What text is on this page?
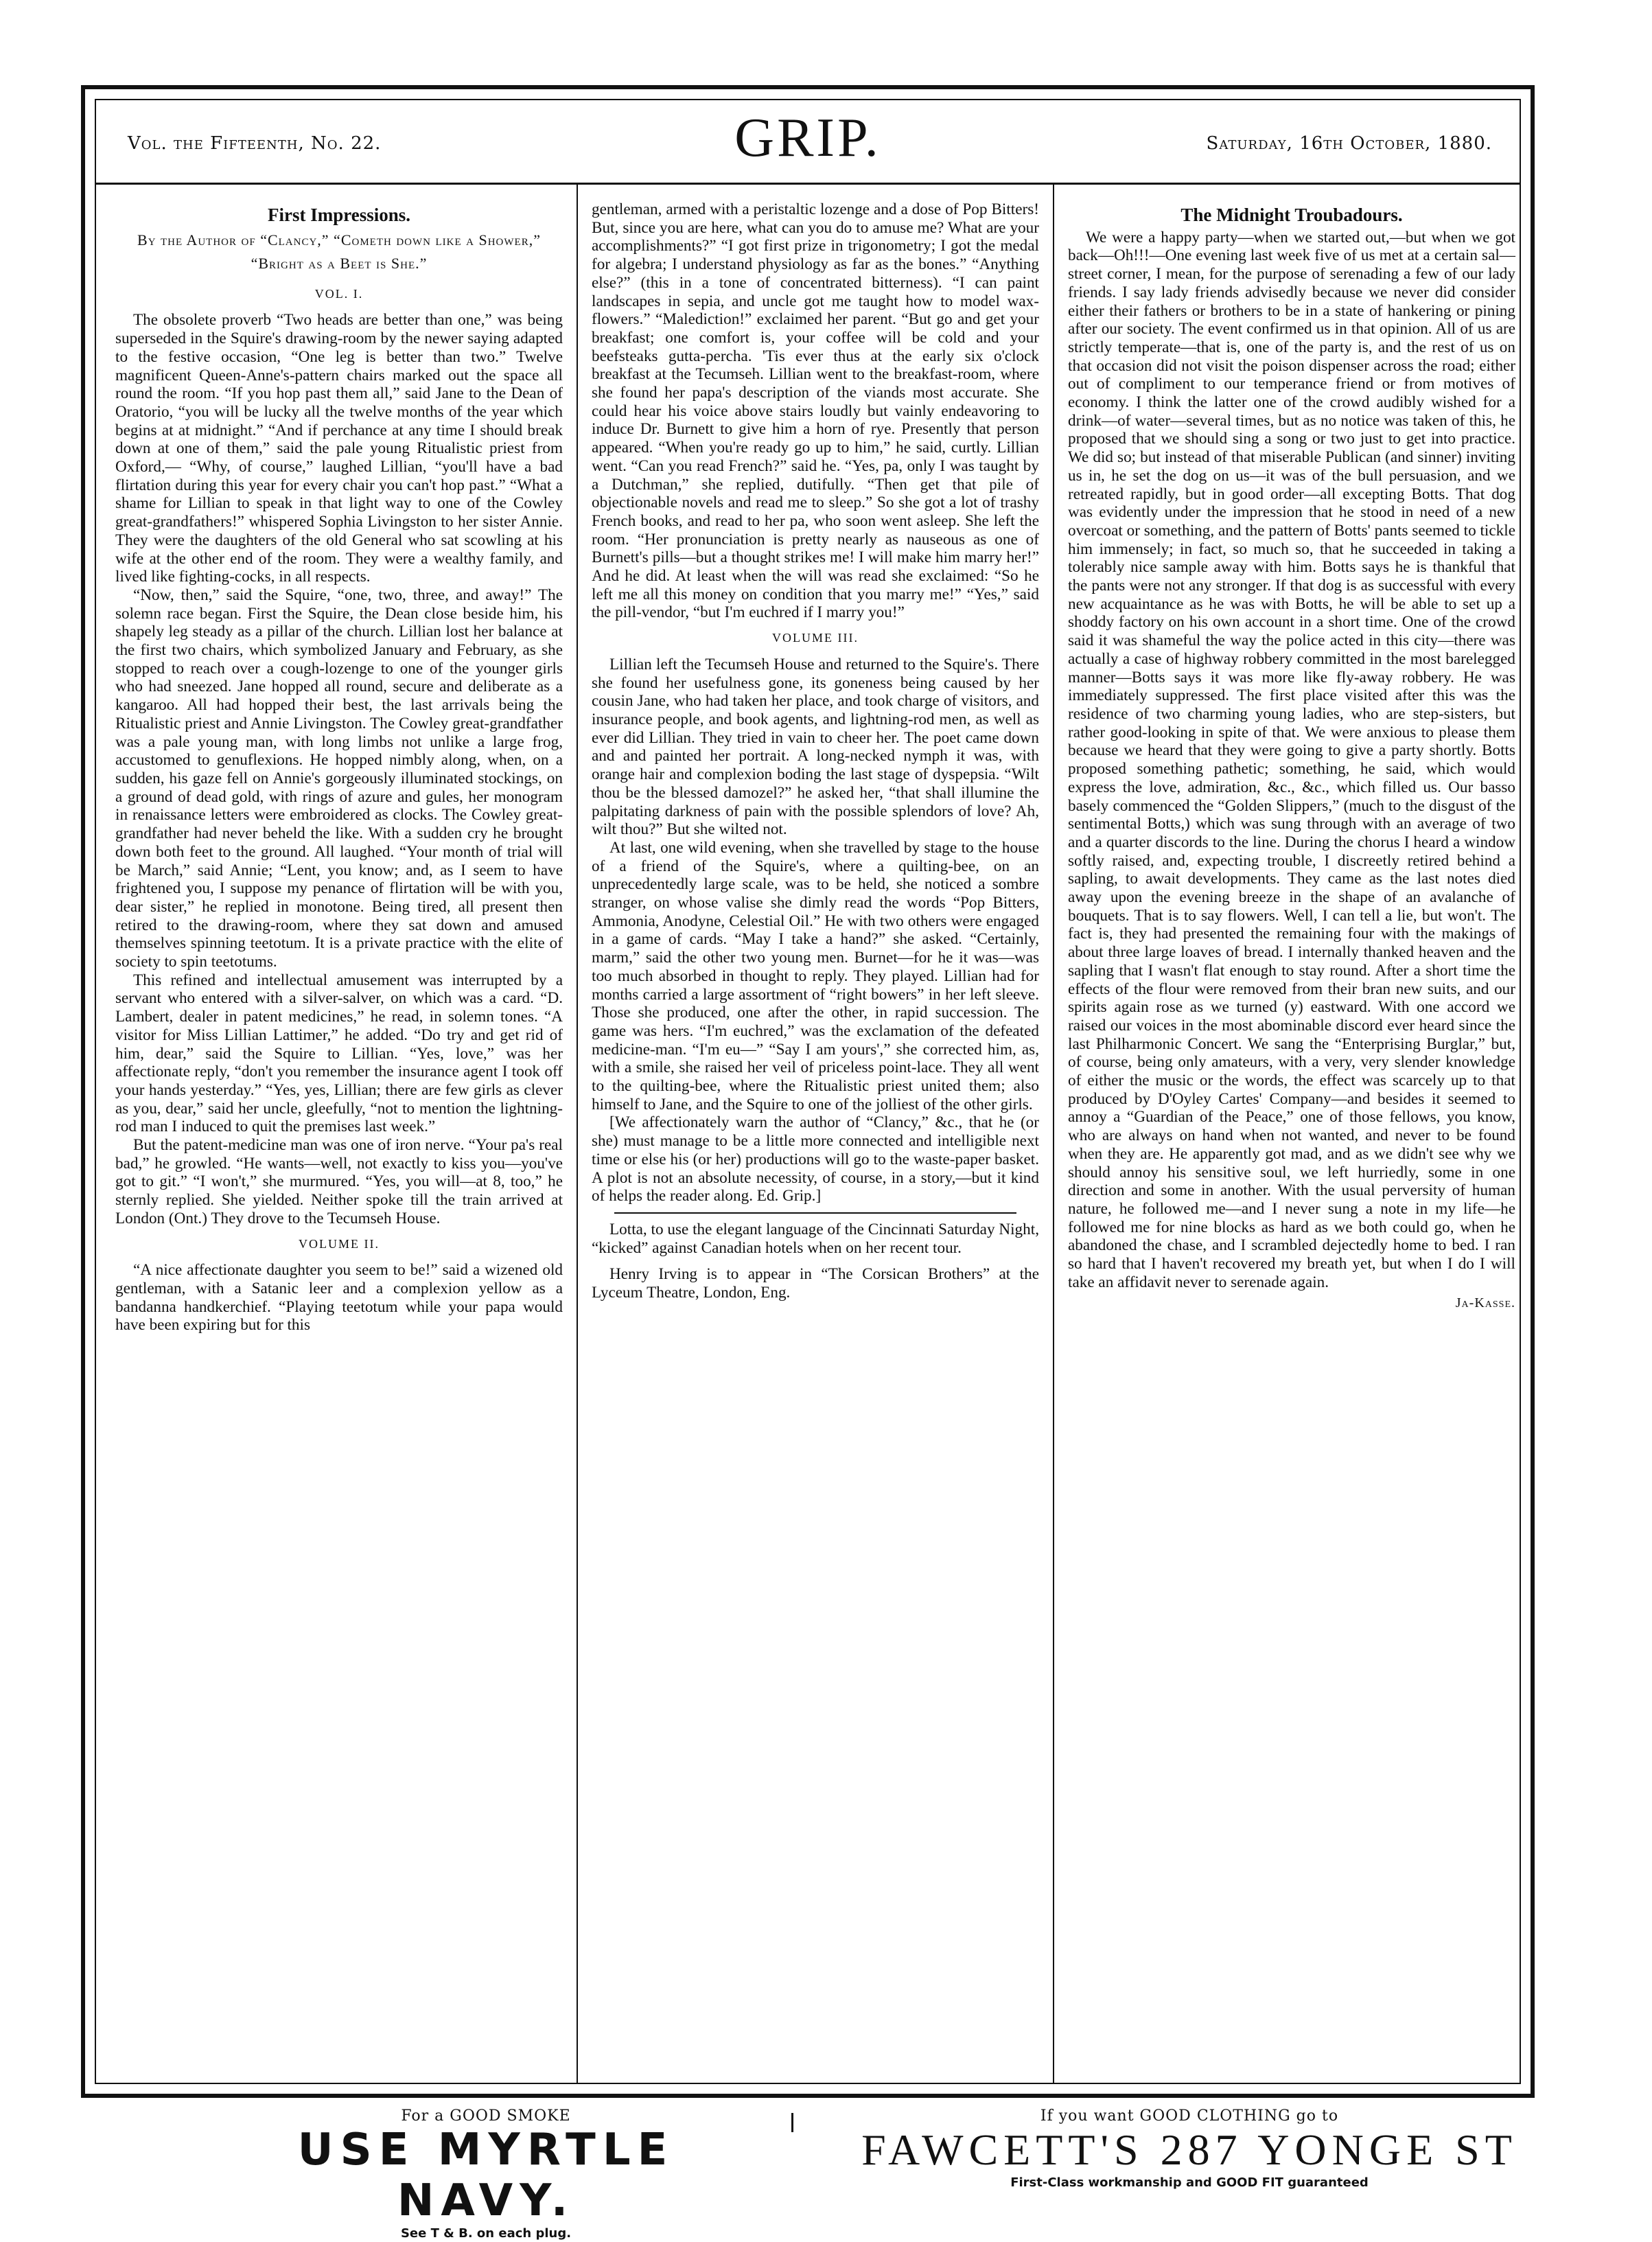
Vol. the Fifteenth, No. 22.	GRIP.	Saturday, 16th October, 1880.
First Impressions.
By the Author of “Clancy,” “Cometh down like a Shower,” “Bright as a Beet is She.”
VOL. I.

The obsolete proverb “Two heads are better than one,” was being superseded in the Squire's drawing-room by the newer saying adapted to the festive occasion, “One leg is better than two.” Twelve magnificent Queen-Anne's-pattern chairs marked out the space all round the room. “If you hop past them all,” said Jane to the Dean of Oratorio, “you will be lucky all the twelve months of the year which begins at at midnight.” “And if perchance at any time I should break down at one of them,” said the pale young Ritualistic priest from Oxford,— “Why, of course,” laughed Lillian, “you'll have a bad flirtation during this year for every chair you can't hop past.” “What a shame for Lillian to speak in that light way to one of the Cowley great-grandfathers!” whispered Sophia Livingston to her sister Annie. They were the daughters of the old General who sat scowling at his wife at the other end of the room. They were a wealthy family, and lived like fighting-cocks, in all respects.

“Now, then,” said the Squire, “one, two, three, and away!” The solemn race began. First the Squire, the Dean close beside him, his shapely leg steady as a pillar of the church. Lillian lost her balance at the first two chairs, which symbolized January and February, as she stopped to reach over a cough-lozenge to one of the younger girls who had sneezed. Jane hopped all round, secure and deliberate as a kangaroo. All had hopped their best, the last arrivals being the Ritualistic priest and Annie Livingston. The Cowley great-grandfather was a pale young man, with long limbs not unlike a large frog, accustomed to genuflexions. He hopped nimbly along, when, on a sudden, his gaze fell on Annie's gorgeously illuminated stockings, on a ground of dead gold, with rings of azure and gules, her monogram in renaissance letters were embroidered as clocks. The Cowley great-grandfather had never beheld the like. With a sudden cry he brought down both feet to the ground. All laughed. “Your month of trial will be March,” said Annie; “Lent, you know; and, as I seem to have frightened you, I suppose my penance of flirtation will be with you, dear sister,” he replied in monotone. Being tired, all present then retired to the drawing-room, where they sat down and amused themselves spinning teetotum. It is a private practice with the elite of society to spin teetotums.

This refined and intellectual amusement was interrupted by a servant who entered with a silver-salver, on which was a card. “D. Lambert, dealer in patent medicines,” he read, in solemn tones. “A visitor for Miss Lillian Lattimer,” he added. “Do try and get rid of him, dear,” said the Squire to Lillian. “Yes, love,” was her affectionate reply, “don't you remember the insurance agent I took off your hands yesterday.” “Yes, yes, Lillian; there are few girls as clever as you, dear,” said her uncle, gleefully, “not to mention the lightning-rod man I induced to quit the premises last week.”

But the patent-medicine man was one of iron nerve. “Your pa's real bad,” he growled. “He wants—well, not exactly to kiss you—you've got to git.” “I won't,” she murmured. “Yes, you will—at 8, too,” he sternly replied. She yielded. Neither spoke till the train arrived at London (Ont.) They drove to the Tecumseh House.

VOLUME II.

“A nice affectionate daughter you seem to be!” said a wizened old gentleman, with a Satanic leer and a complexion yellow as a bandanna handkerchief. “Playing teetotum while your papa would have been expiring but for this

gentleman, armed with a peristaltic lozenge and a dose of Pop Bitters! But, since you are here, what can you do to amuse me? What are your accomplishments?” “I got first prize in trigonometry; I got the medal for algebra; I understand physiology as far as the bones.” “Anything else?” (this in a tone of concentrated bitterness). “I can paint landscapes in sepia, and uncle got me taught how to model wax-flowers.” “Malediction!” exclaimed her parent. “But go and get your breakfast; one comfort is, your coffee will be cold and your beefsteaks gutta-percha. 'Tis ever thus at the early six o'clock breakfast at the Tecumseh. Lillian went to the breakfast-room, where she found her papa's description of the viands most accurate. She could hear his voice above stairs loudly but vainly endeavoring to induce Dr. Burnett to give him a horn of rye. Presently that person appeared. “When you're ready go up to him,” he said, curtly. Lillian went. “Can you read French?” said he. “Yes, pa, only I was taught by a Dutchman,” she replied, dutifully. “Then get that pile of objectionable novels and read me to sleep.” So she got a lot of trashy French books, and read to her pa, who soon went asleep. She left the room. “Her pronunciation is pretty nearly as nauseous as one of Burnett's pills—but a thought strikes me! I will make him marry her!” And he did. At least when the will was read she exclaimed: “So he left me all this money on condition that you marry me!” “Yes,” said the pill-vendor, “but I'm euchred if I marry you!”

VOLUME III.

Lillian left the Tecumseh House and returned to the Squire's. There she found her usefulness gone, its goneness being caused by her cousin Jane, who had taken her place, and took charge of visitors, and insurance people, and book agents, and lightning-rod men, as well as ever did Lillian. They tried in vain to cheer her. The poet came down and and painted her portrait. A long-necked nymph it was, with orange hair and complexion boding the last stage of dyspepsia. “Wilt thou be the blessed damozel?” he asked her, “that shall illumine the palpitating darkness of pain with the possible splendors of love? Ah, wilt thou?” But she wilted not.

At last, one wild evening, when she travelled by stage to the house of a friend of the Squire's, where a quilting-bee, on an unprecedentedly large scale, was to be held, she noticed a sombre stranger, on whose valise she dimly read the words “Pop Bitters, Ammonia, Anodyne, Celestial Oil.” He with two others were engaged in a game of cards. “May I take a hand?” she asked. “Certainly, marm,” said the other two young men. Burnet—for he it was—was too much absorbed in thought to reply. They played. Lillian had for months carried a large assortment of “right bowers” in her left sleeve. Those she produced, one after the other, in rapid succession. The game was hers. “I'm euchred,” was the exclamation of the defeated medicine-man. “I'm eu—” “Say I am yours',” she corrected him, as, with a smile, she raised her veil of priceless point-lace. They all went to the quilting-bee, where the Ritualistic priest united them; also himself to Jane, and the Squire to one of the jolliest of the other girls.

[We affectionately warn the author of “Clancy,” &c., that he (or she) must manage to be a little more connected and intelligible next time or else his (or her) productions will go to the waste-paper basket. A plot is not an absolute necessity, of course, in a story,—but it kind of helps the reader along. Ed. Grip.]

Lotta, to use the elegant language of the Cincinnati Saturday Night, “kicked” against Canadian hotels when on her recent tour.

Henry Irving is to appear in “The Corsican Brothers” at the Lyceum Theatre, London, Eng.

The Midnight Troubadours.

We were a happy party—when we started out,—but when we got back—Oh!!!—One evening last week five of us met at a certain sal—street corner, I mean, for the purpose of serenading a few of our lady friends. I say lady friends advisedly because we never did consider either their fathers or brothers to be in a state of hankering or pining after our society. The event confirmed us in that opinion. All of us are strictly temperate—that is, one of the party is, and the rest of us on that occasion did not visit the poison dispenser across the road; either out of compliment to our temperance friend or from motives of economy. I think the latter one of the crowd audibly wished for a drink—of water—several times, but as no notice was taken of this, he proposed that we should sing a song or two just to get into practice. We did so; but instead of that miserable Publican (and sinner) inviting us in, he set the dog on us—it was of the bull persuasion, and we retreated rapidly, but in good order—all excepting Botts. That dog was evidently under the impression that he stood in need of a new overcoat or something, and the pattern of Botts' pants seemed to tickle him immensely; in fact, so much so, that he succeeded in taking a tolerably nice sample away with him. Botts says he is thankful that the pants were not any stronger. If that dog is as successful with every new acquaintance as he was with Botts, he will be able to set up a shoddy factory on his own account in a short time. One of the crowd said it was shameful the way the police acted in this city—there was actually a case of highway robbery committed in the most barelegged manner—Botts says it was more like fly-away robbery. He was immediately suppressed. The first place visited after this was the residence of two charming young ladies, who are step-sisters, but rather good-looking in spite of that. We were anxious to please them because we heard that they were going to give a party shortly. Botts proposed something pathetic; something, he said, which would express the love, admiration, &c., &c., which filled us. Our basso basely commenced the “Golden Slippers,” (much to the disgust of the sentimental Botts,) which was sung through with an average of two and a quarter discords to the line. During the chorus I heard a window softly raised, and, expecting trouble, I discreetly retired behind a sapling, to await developments. They came as the last notes died away upon the evening breeze in the shape of an avalanche of bouquets. That is to say flowers. Well, I can tell a lie, but won't. The fact is, they had presented the remaining four with the makings of about three large loaves of bread. I internally thanked heaven and the sapling that I wasn't flat enough to stay round. After a short time the effects of the flour were removed from their bran new suits, and our spirits again rose as we turned (y) eastward. With one accord we raised our voices in the most abominable discord ever heard since the last Philharmonic Concert. We sang the “Enterprising Burglar,” but, of course, being only amateurs, with a very, very slender knowledge of either the music or the words, the effect was scarcely up to that produced by D'Oyley Cartes' Company—and besides it seemed to annoy a “Guardian of the Peace,” one of those fellows, you know, who are always on hand when not wanted, and never to be found when they are. He apparently got mad, and as we didn't see why we should annoy his sensitive soul, we left hurriedly, some in one direction and some in another. With the usual perversity of human nature, he followed me—and I never sung a note in my life—he followed me for nine blocks as hard as we both could go, when he abandoned the chase, and I scrambled dejectedly home to bed. I ran so hard that I haven't recovered my breath yet, but when I do I will take an affidavit never to serenade again.

Ja-Kasse.
For a GOOD SMOKE
USE MYRTLE NAVY.
See T & B. on each plug.
If you want GOOD CLOTHING go to
FAWCETT'S 287 YONGE ST
First-Class workmanship and GOOD FIT guaranteed
